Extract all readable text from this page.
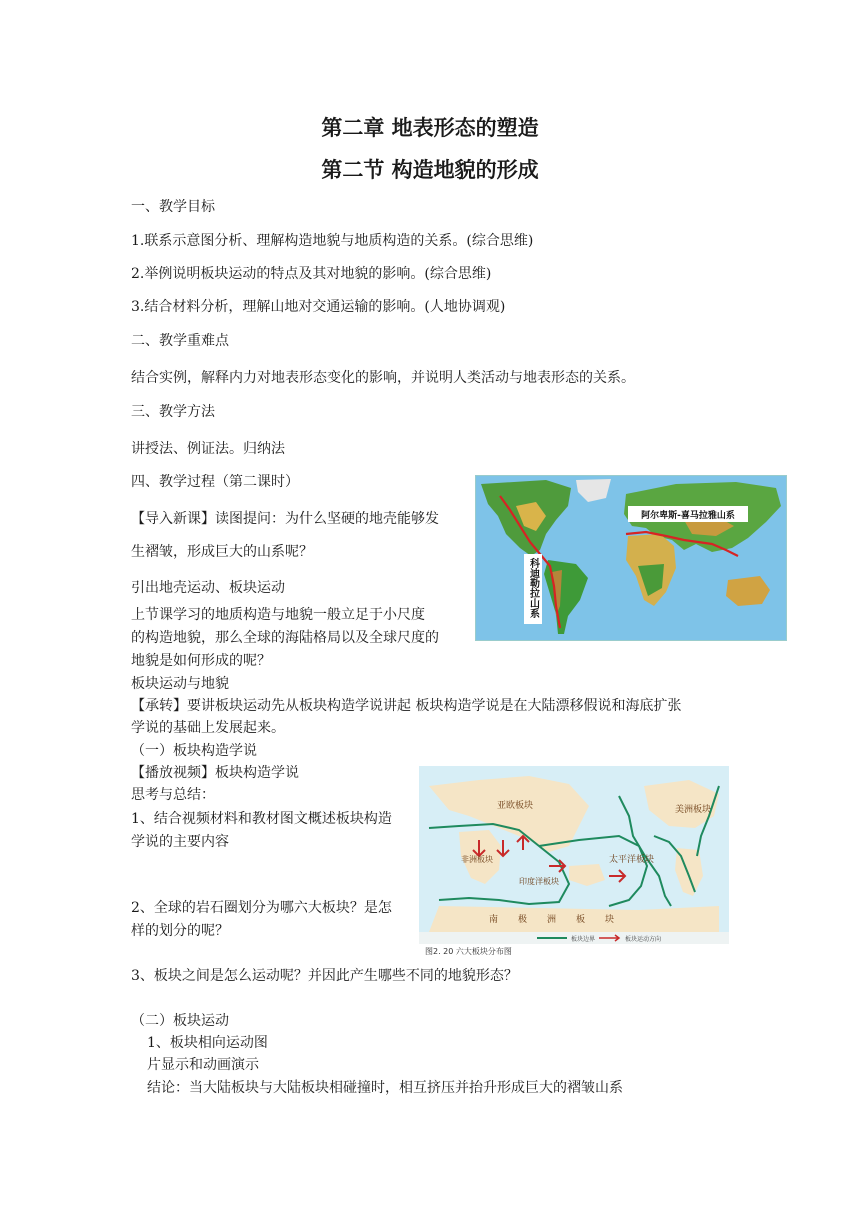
第二章 地表形态的塑造
第二节 构造地貌的形成
一、教学目标
1.联系示意图分析、理解构造地貌与地质构造的关系。(综合思维)
2.举例说明板块运动的特点及其对地貌的影响。(综合思维)
3.结合材料分析，理解山地对交通运输的影响。(人地协调观)
二、教学重难点
结合实例，解释内力对地表形态变化的影响，并说明人类活动与地表形态的关系。
三、教学方法
讲授法、例证法。归纳法
四、教学过程（第二课时）
【导入新课】读图提问：为什么坚硬的地壳能够发
生褶皱，形成巨大的山系呢？
引出地壳运动、板块运动
上节课学习的地质构造与地貌一般立足于小尺度
的构造地貌，那么全球的海陆格局以及全球尺度的
地貌是如何形成的呢？
板块运动与地貌
【承转】要讲板块运动先从板块构造学说讲起 板块构造学说是在大陆漂移假说和海底扩张
学说的基础上发展起来。
（一）板块构造学说
【播放视频】板块构造学说
思考与总结：
1、结合视频材料和教材图文概述板块构造
学说的主要内容
2、全球的岩石圈划分为哪六大板块？是怎
样的划分的呢？
3、板块之间是怎么运动呢？并因此产生哪些不同的地貌形态？
（二）板块运动
1、板块相向运动图
片显示和动画演示
结论：当大陆板块与大陆板块相碰撞时，相互挤压并抬升形成巨大的褶皱山系
阿尔卑斯-喜马拉雅山系
科迪勒拉山系
亚欧板块
非洲板块
印度洋板块
太平洋板块
南极洲板块
美洲板块
板块边界	板块运动方向
图2. 20 六大板块分布图
